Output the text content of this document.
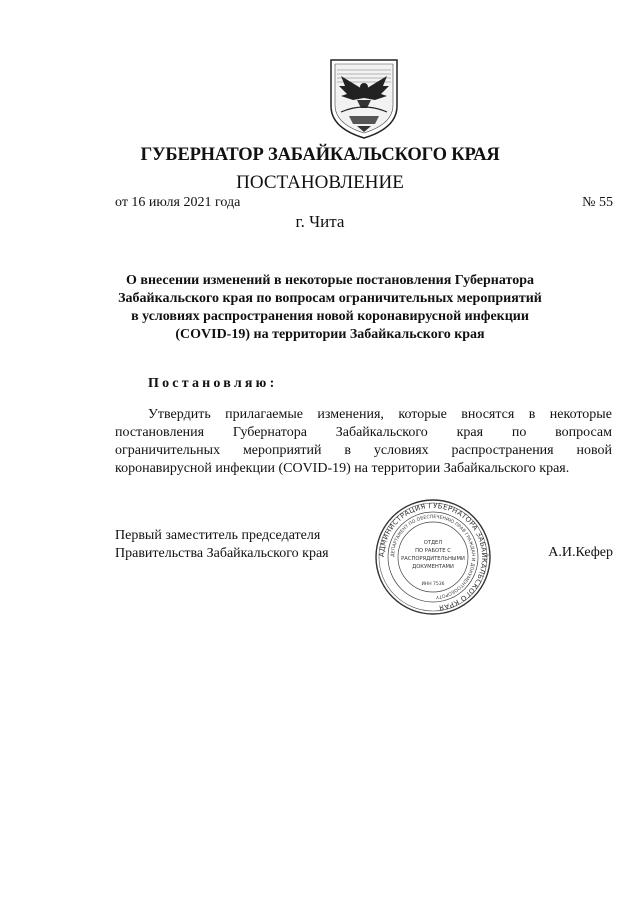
ГУБЕРНАТОР ЗАБАЙКАЛЬСКОГО КРАЯ
ПОСТАНОВЛЕНИЕ
от 16 июля 2021 года	№ 55
г. Чита
О внесении изменений в некоторые постановления Губернатора
Забайкальского края по вопросам ограничительных мероприятий
в условиях распространения новой коронавирусной инфекции
(COVID-19) на территории Забайкальского края
Постановляю:
Утвердить прилагаемые изменения, которые вносятся в некоторые
постановления Губернатора Забайкальского края по вопросам
ограничительных мероприятий в условиях распространения новой
коронавирусной инфекции (COVID-19) на территории Забайкальского края.
Первый заместитель председателя
Правительства Забайкальского края	А.И.Кефер
АДМИНИСТРАЦИЯ ГУБЕРНАТОРА ЗАБАЙКАЛЬСКОГО КРАЯ
ДЕПАРТАМЕНТ ПО ОБЕСПЕЧЕНИЮ ПРАВ ГРАЖДАН И ДОКУМЕНТООБОРОТУ
ОТДЕЛ
ПО РАБОТЕ С
РАСПОРЯДИТЕЛЬНЫМИ
ДОКУМЕНТАМИ
ИНН 7536
